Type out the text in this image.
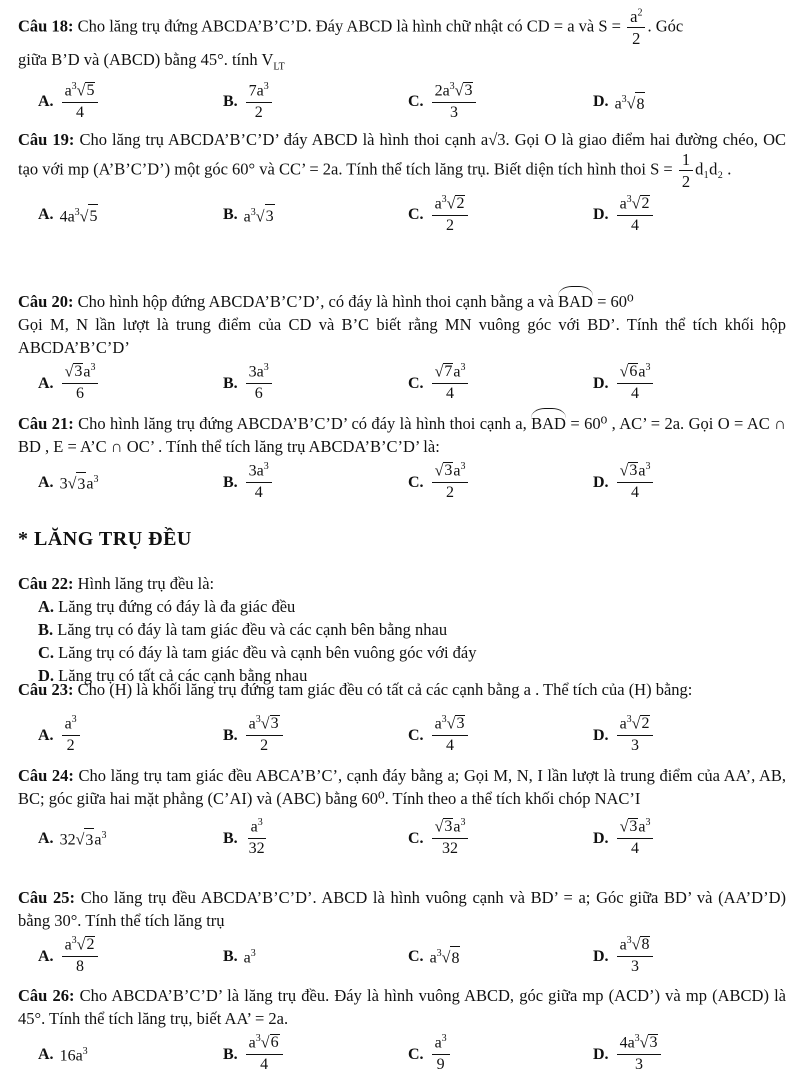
Câu 18: Cho lăng trụ đứng ABCDA’B’C’D. Đáy ABCD là hình chữ nhật có CD = a và $S = \frac{a^2}{2}$ . Góc
giữa B’D và (ABCD) bằng 45°. tính $V_{LT}$

A. $\frac{a^3√5}{4}$	B. $\frac{7a^3}{2}$	C. $\frac{2a^3√3}{3}$	D. $a^3√8$

Câu 19: Cho lăng trụ ABCDA’B’C’D’ đáy ABCD là hình thoi cạnh a√3. Gọi O là giao điểm hai đường chéo, OC tạo với mp (A’B’C’D’) một góc 60° và CC’ = 2a. Tính thể tích lăng trụ. Biết diện tích hình thoi $S = \frac{1}{2} d_1d_2$ .

A. $4a^3√5$	B. $a^3√3$	C. $\frac{a^3√2}{2}$	D. $\frac{a^3√2}{4}$

Câu 20: Cho hình hộp đứng ABCDA’B’C’D’, có đáy là hình thoi cạnh bằng a và BAD = 60⁰
Gọi M, N lần lượt là trung điểm của CD và B’C biết rằng MN vuông góc với BD’. Tính thể tích khối hộp ABCDA’B’C’D’

A. $\frac{√3a^3}{6}$	B. $\frac{3a^3}{6}$	C. $\frac{√7a^3}{4}$	D. $\frac{√6a^3}{4}$

Câu 21: Cho hình lăng trụ đứng ABCDA’B’C’D’ có đáy là hình thoi cạnh a, BAD = 60⁰ , AC’ = 2a. Gọi O = AC ∩ BD , E = A’C ∩ OC’ . Tính thể tích lăng trụ ABCDA’B’C’D’ là:

A. $3√3a^3$	B. $\frac{3a^3}{4}$	C. $\frac{√3a^3}{2}$	D. $\frac{√3a^3}{4}$
* LĂNG TRỤ ĐỀU

Câu 22: Hình lăng trụ đều là:

A. Lăng trụ đứng có đáy là đa giác đều
B. Lăng trụ có đáy là tam giác đều và các cạnh bên bằng nhau
C. Lăng trụ có đáy là tam giác đều và cạnh bên vuông góc với đáy
D. Lăng trụ có tất cả các cạnh bằng nhau

Câu 23: Cho (H) là khối lăng trụ đứng tam giác đều có tất cả các cạnh bằng a . Thể tích của (H) bằng:

A. $\frac{a^3}{2}$	B. $\frac{a^3√3}{2}$	C. $\frac{a^3√3}{4}$	D. $\frac{a^3√2}{3}$

Câu 24: Cho lăng trụ tam giác đều ABCA’B’C’, cạnh đáy bằng a; Gọi M, N, I lần lượt là trung điểm của AA’, AB, BC; góc giữa hai mặt phẳng (C’AI) và (ABC) bằng 60⁰. Tính theo a thể tích khối chóp NAC’I

A. $32√3a^3$	B. $\frac{a^3}{32}$	C. $\frac{√3a^3}{32}$	D. $\frac{√3a^3}{4}$

Câu 25: Cho lăng trụ đều ABCDA’B’C’D’. ABCD là hình vuông cạnh và BD’ = a; Góc giữa BD’ và (AA’D’D) bằng 30°. Tính thể tích lăng trụ

A. $\frac{a^3√2}{8}$	B. $a^3$	C. $a^3√8$	D. $\frac{a^3√8}{3}$

Câu 26: Cho ABCDA’B’C’D’ là lăng trụ đều. Đáy là hình vuông ABCD, góc giữa mp (ACD’) và mp (ABCD) là 45°. Tính thể tích lăng trụ, biết AA’ = 2a.

A. $16a^3$	B. $\frac{a^3√6}{4}$	C. $\frac{a^3}{9}$	D. $\frac{4a^3√3}{3}$
